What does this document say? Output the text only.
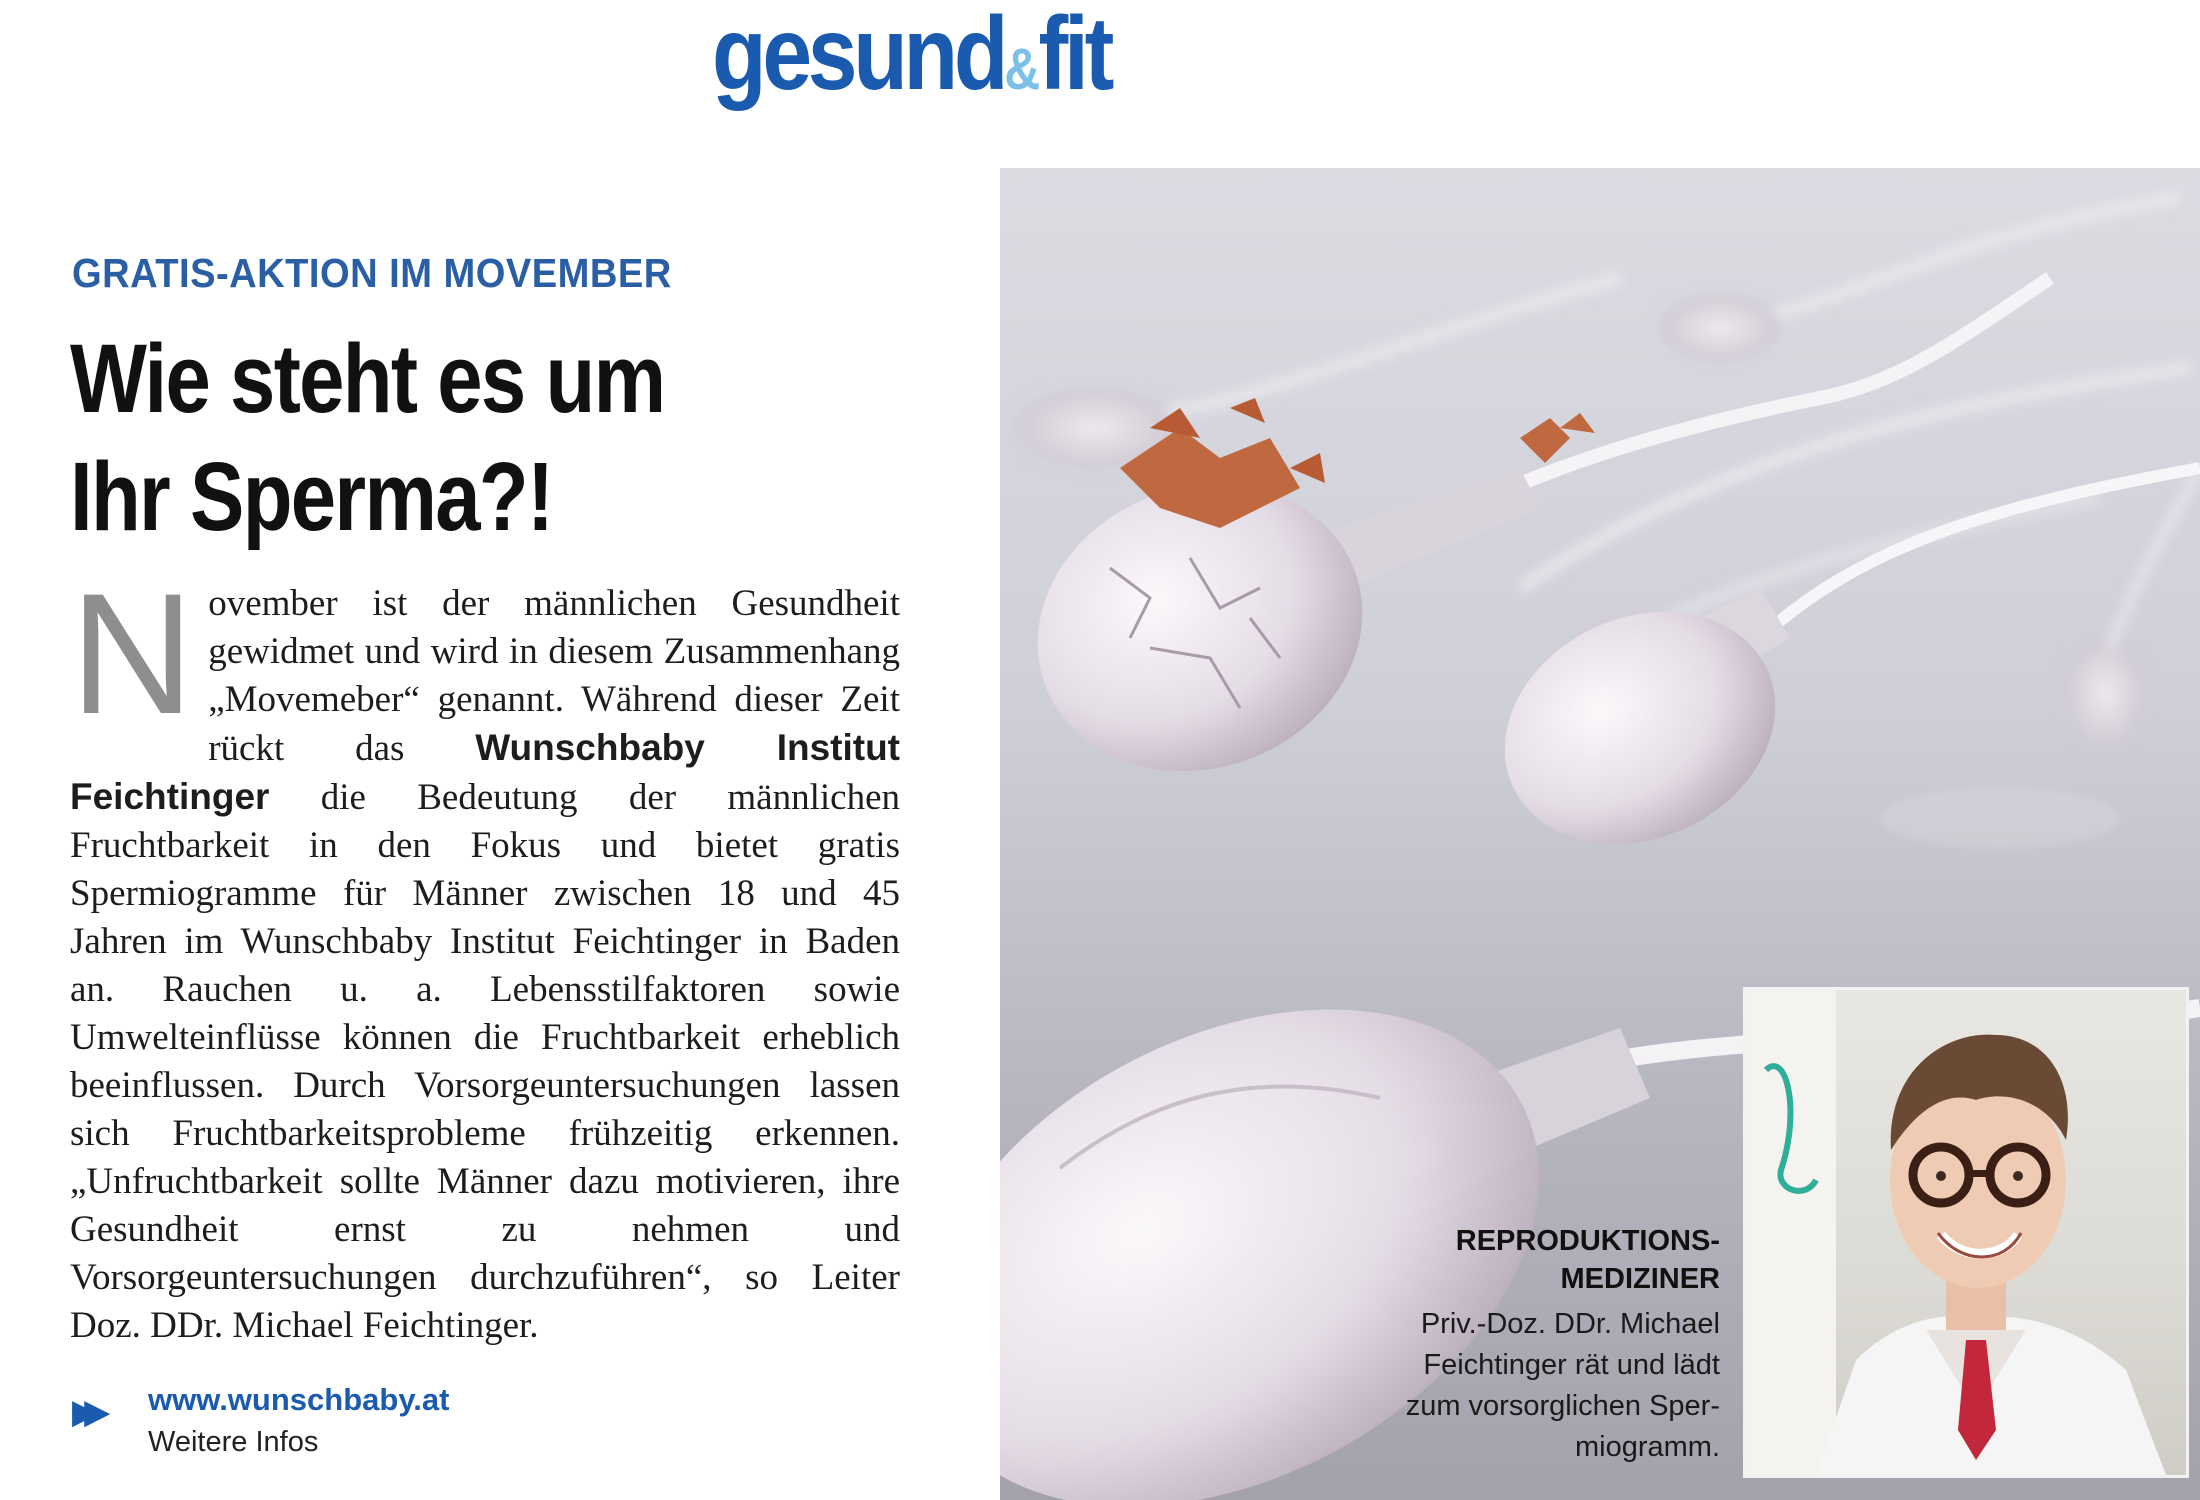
gesund&fit
GRATIS-AKTION IM MOVEMBER
Wie steht es um
Ihr Sperma?!

November ist der männlichen Gesundheit gewidmet und wird in diesem Zusammenhang „Movemeber“ genannt. Während dieser Zeit rückt das Wunschbaby Institut Feichtinger die Bedeutung der männlichen Fruchtbarkeit in den Fokus und bietet gratis Spermiogramme für Männer zwischen 18 und 45 Jahren im Wunschbaby Institut Feichtinger in Baden an. Rauchen u. a. Lebensstilfaktoren sowie Umwelteinflüsse können die Fruchtbarkeit erheblich beeinflussen. Durch Vorsorgeuntersuchungen lassen sich Fruchtbarkeitsprobleme frühzeitig erkennen. „Unfruchtbarkeit sollte Männer dazu motivieren, ihre Gesundheit ernst zu nehmen und Vorsorgeuntersuchungen durchzuführen“, so Leiter Doz. DDr. Michael Feichtinger.

▶▶ www.wunschbaby.at
Weitere Infos

REPRODUKTIONS-
MEDIZINER

Priv.-Doz. DDr. Michael
Feichtinger rät und lädt
zum vorsorglichen Sper-
miogramm.
